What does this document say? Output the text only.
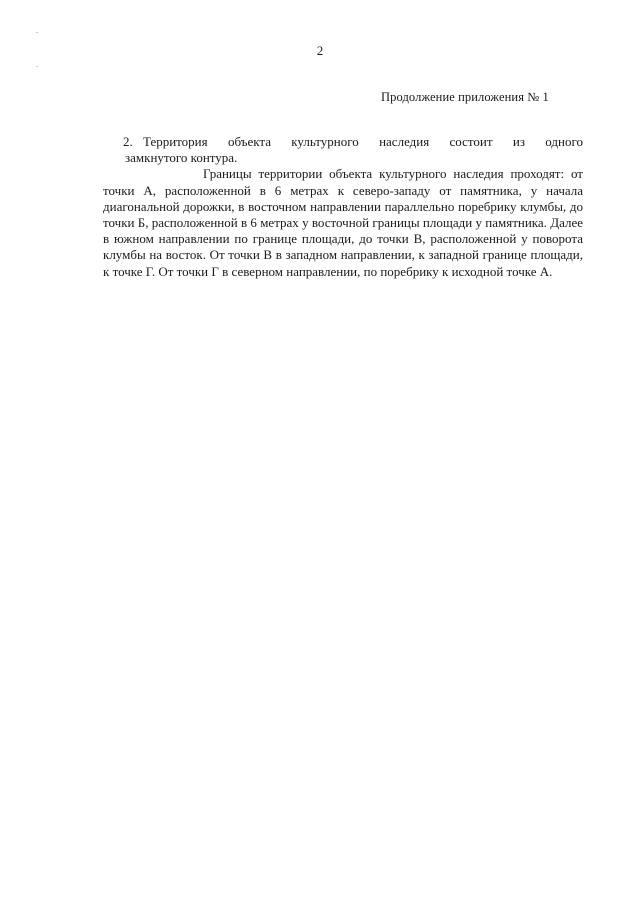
2
Продолжение приложения № 1
2. Территория объекта культурного наследия состоит из одного
замкнутого контура.

Границы территории объекта культурного наследия проходят: от точки А, расположенной в 6 метрах к северо-западу от памятника, у начала диагональной дорожки, в восточном направлении параллельно поребрику клумбы, до точки Б, расположенной в 6 метрах у восточной границы площади у памятника. Далее в южном направлении по границе площади, до точки В, расположенной у поворота клумбы на восток. От точки В в западном направлении, к западной границе площади, к точке Г. От точки Г в северном направлении, по поребрику к исходной точке А.
